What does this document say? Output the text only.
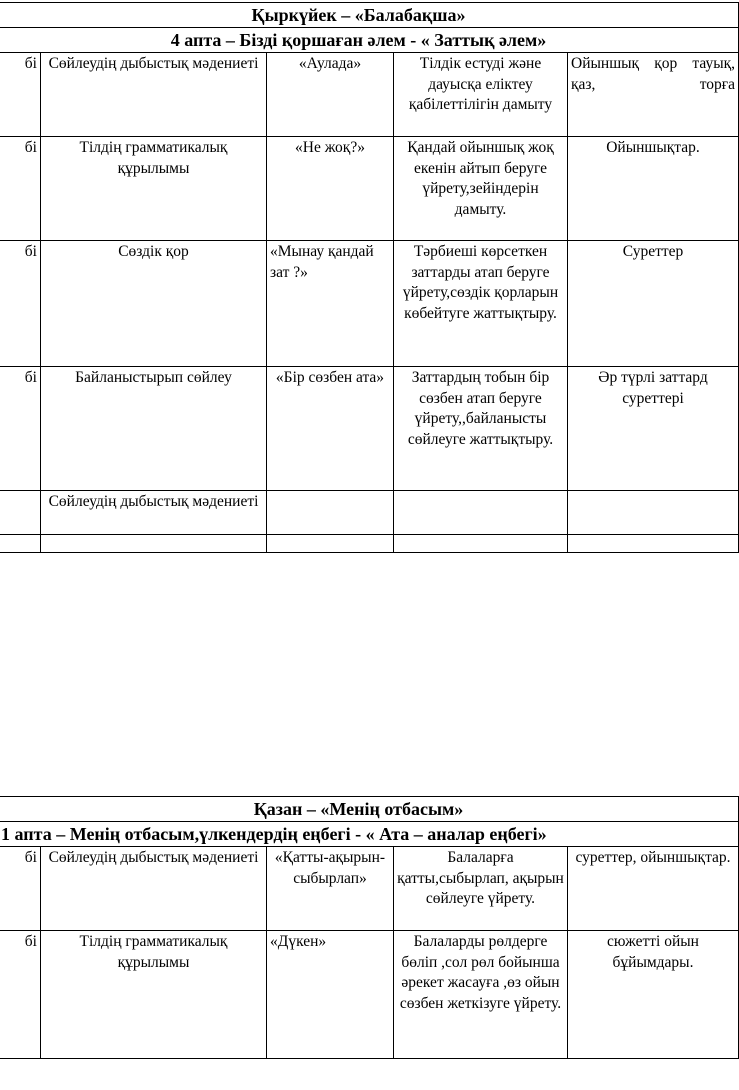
Қыркүйек – «Балабақша»				
4 апта – Бізді қоршаған әлем - « Заттық әлем»				
бі	Сөйлеудің дыбыстық мәдениеті	«Аулада»	Тілдік естуді және дауысқа еліктеу қабілеттілігін дамыту	Ойыншық қор тауық, қаз, торға
бі	Тілдің грамматикалық құрылымы	«Не жоқ?»	Қандай ойыншық жоқ екенін айтып беруге үйрету,зейіндерін дамыту.	Ойыншықтар.
бі	Сөздік қор	«Мынау қандай зат ?»	Тәрбиеші көрсеткен заттарды атап беруге үйрету,сөздік қорларын көбейтуге жаттықтыру.	Суреттер
бі	Байланыстырып сөйлеу	«Бір сөзбен ата»	Заттардың тобын бір сөзбен атап беруге үйрету,,байланысты сөйлеуге жаттықтыру.	Әр түрлі заттард суреттері
	Сөйлеудің дыбыстық мәдениеті			

Қазан – «Менің отбасым»				
1 апта – Менің отбасым,үлкендердің еңбегі - « Ата – аналар еңбегі»				
бі	Сөйлеудің дыбыстық мәдениеті	«Қатты-ақырын-сыбырлап»	Балаларға қатты,сыбырлап, ақырын сөйлеуге үйрету.	суреттер, ойыншықтар.
бі	Тілдің грамматикалық құрылымы	«Дүкен»	Балаларды рөлдерге бөліп ,сол рөл бойынша әрекет жасауға ,өз ойын сөзбен жеткізуге үйрету.	сюжетті ойын бұйымдары.
